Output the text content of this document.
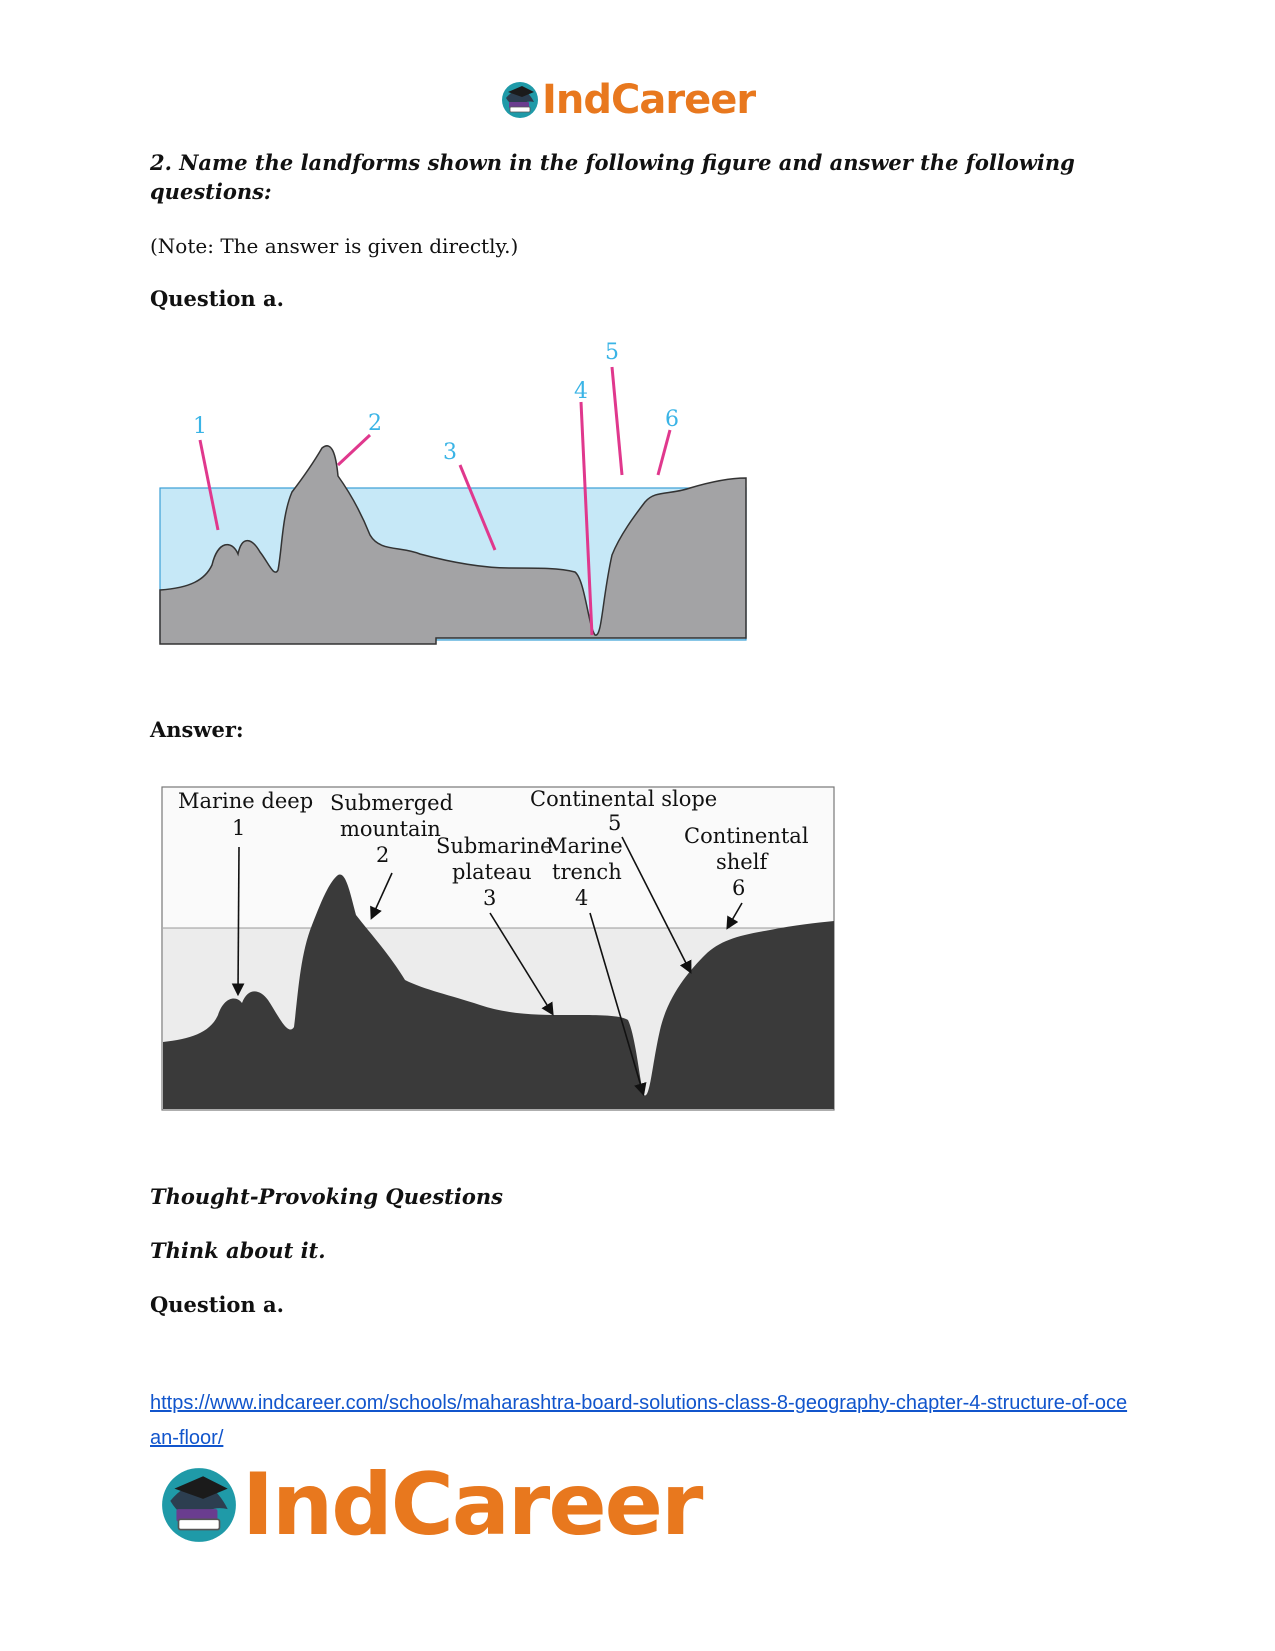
IndCareer
2. Name the landforms shown in the following figure and answer the following questions:
(Note: The answer is given directly.)
Question a.
1	2
3
4
5
6
Answer:
Marine deep
1
Submerged
mountain
2 Submarine
plateau
3
Marine
trench
4
Continental slope
5
Continental
shelf
6
Thought-Provoking Questions
Think about it.
Question a.
https://www.indcareer.com/schools/maharashtra-board-solutions-class-8-geography-chapter-4-structure-of-ocean-floor/
IndCareer
